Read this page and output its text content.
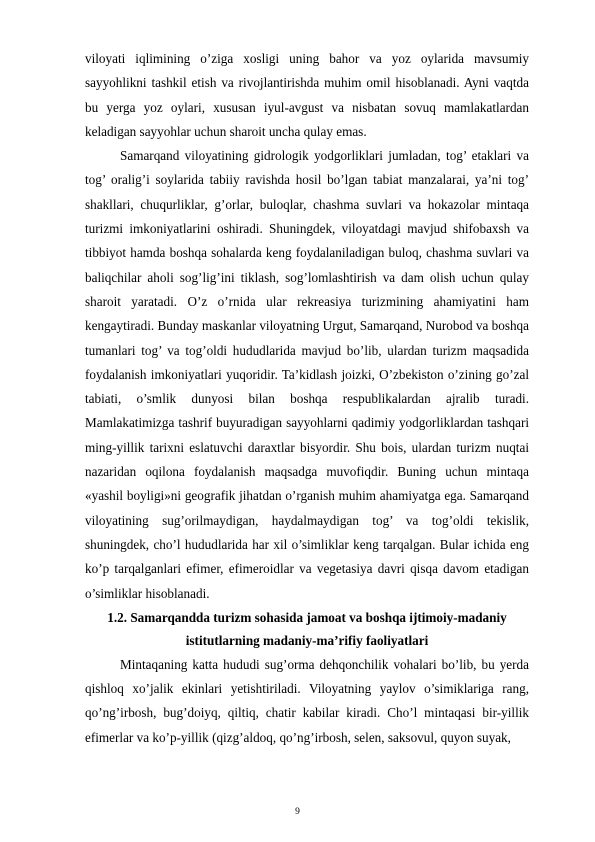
viloyati iqlimining o’ziga xosligi uning bahor va yoz oylarida mavsumiy sayyohlikni tashkil etish va rivojlantirishda muhim omil hisoblanadi. Ayni vaqtda bu yerga yoz oylari, xususan iyul-avgust va nisbatan sovuq mamlakatlardan keladigan sayyohlar uchun sharoit uncha qulay emas.

Samarqand viloyatining gidrologik yodgorliklari jumladan, tog’ etaklari va tog’ oralig’i soylarida tabiiy ravishda hosil bo’lgan tabiat manzalarai, ya’ni tog’ shakllari, chuqurliklar, g’orlar, buloqlar, chashma suvlari va hokazolar mintaqa turizmi imkoniyatlarini oshiradi. Shuningdek, viloyatdagi mavjud shifobaxsh va tibbiyot hamda boshqa sohalarda keng foydalaniladigan buloq, chashma suvlari va baliqchilar aholi sog’lig’ini tiklash, sog’lomlashtirish va dam olish uchun qulay sharoit yaratadi. O’z o’rnida ular rekreasiya turizmining ahamiyatini ham kengaytiradi. Bunday maskanlar viloyatning Urgut, Samarqand, Nurobod va boshqa tumanlari tog’ va tog’oldi hududlarida mavjud bo’lib, ulardan turizm maqsadida foydalanish imkoniyatlari yuqoridir. Ta’kidlash joizki, O’zbekiston o’zining go’zal tabiati, o’smlik dunyosi bilan boshqa respublikalardan ajralib turadi. Mamlakatimizga tashrif buyuradigan sayyohlarni qadimiy yodgorliklardan tashqari ming-yillik tarixni eslatuvchi daraxtlar bisyordir. Shu bois, ulardan turizm nuqtai nazaridan oqilona foydalanish maqsadga muvofiqdir. Buning uchun mintaqa «yashil boyligi»ni geografik jihatdan o’rganish muhim ahamiyatga ega. Samarqand viloyatining sug’orilmaydigan, haydalmaydigan tog’ va tog’oldi tekislik, shuningdek, cho’l hududlarida har xil o’simliklar keng tarqalgan. Bular ichida eng ko’p tarqalganlari efimer, efimeroidlar va vegetasiya davri qisqa davom etadigan o’simliklar hisoblanadi.

1.2. Samarqandda turizm sohasida jamoat va boshqa ijtimoiy-madaniy istitutlarning madaniy-ma’rifiy faoliyatlari

Mintaqaning katta hududi sug’orma dehqonchilik vohalari bo’lib, bu yerda qishloq xo’jalik ekinlari yetishtiriladi. Viloyatning yaylov o’simiklariga rang, qo’ng’irbosh, bug’doiyq, qiltiq, chatir kabilar kiradi. Cho’l mintaqasi bir-yillik efimerlar va ko’p-yillik (qizg’aldoq, qo’ng’irbosh, selen, saksovul, quyon suyak,

9
